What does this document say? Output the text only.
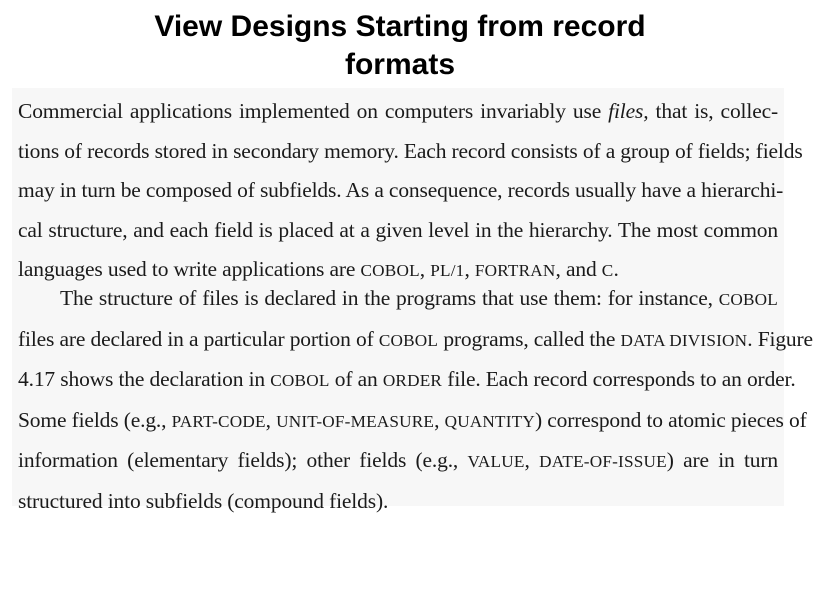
View Designs Starting from record
formats
Commercial applications implemented on computers invariably use files, that is, collec-
tions of records stored in secondary memory. Each record consists of a group of fields; fields
may in turn be composed of subfields. As a consequence, records usually have a hierarchi-
cal structure, and each field is placed at a given level in the hierarchy. The most common
languages used to write applications are COBOL, PL/1, FORTRAN, and C.
The structure of files is declared in the programs that use them: for instance, COBOL
files are declared in a particular portion of COBOL programs, called the DATA DIVISION. Figure
4.17 shows the declaration in COBOL of an ORDER file. Each record corresponds to an order.
Some fields (e.g., PART-CODE, UNIT-OF-MEASURE, QUANTITY) correspond to atomic pieces of
information (elementary fields); other fields (e.g., VALUE, DATE-OF-ISSUE) are in turn
structured into subfields (compound fields).
